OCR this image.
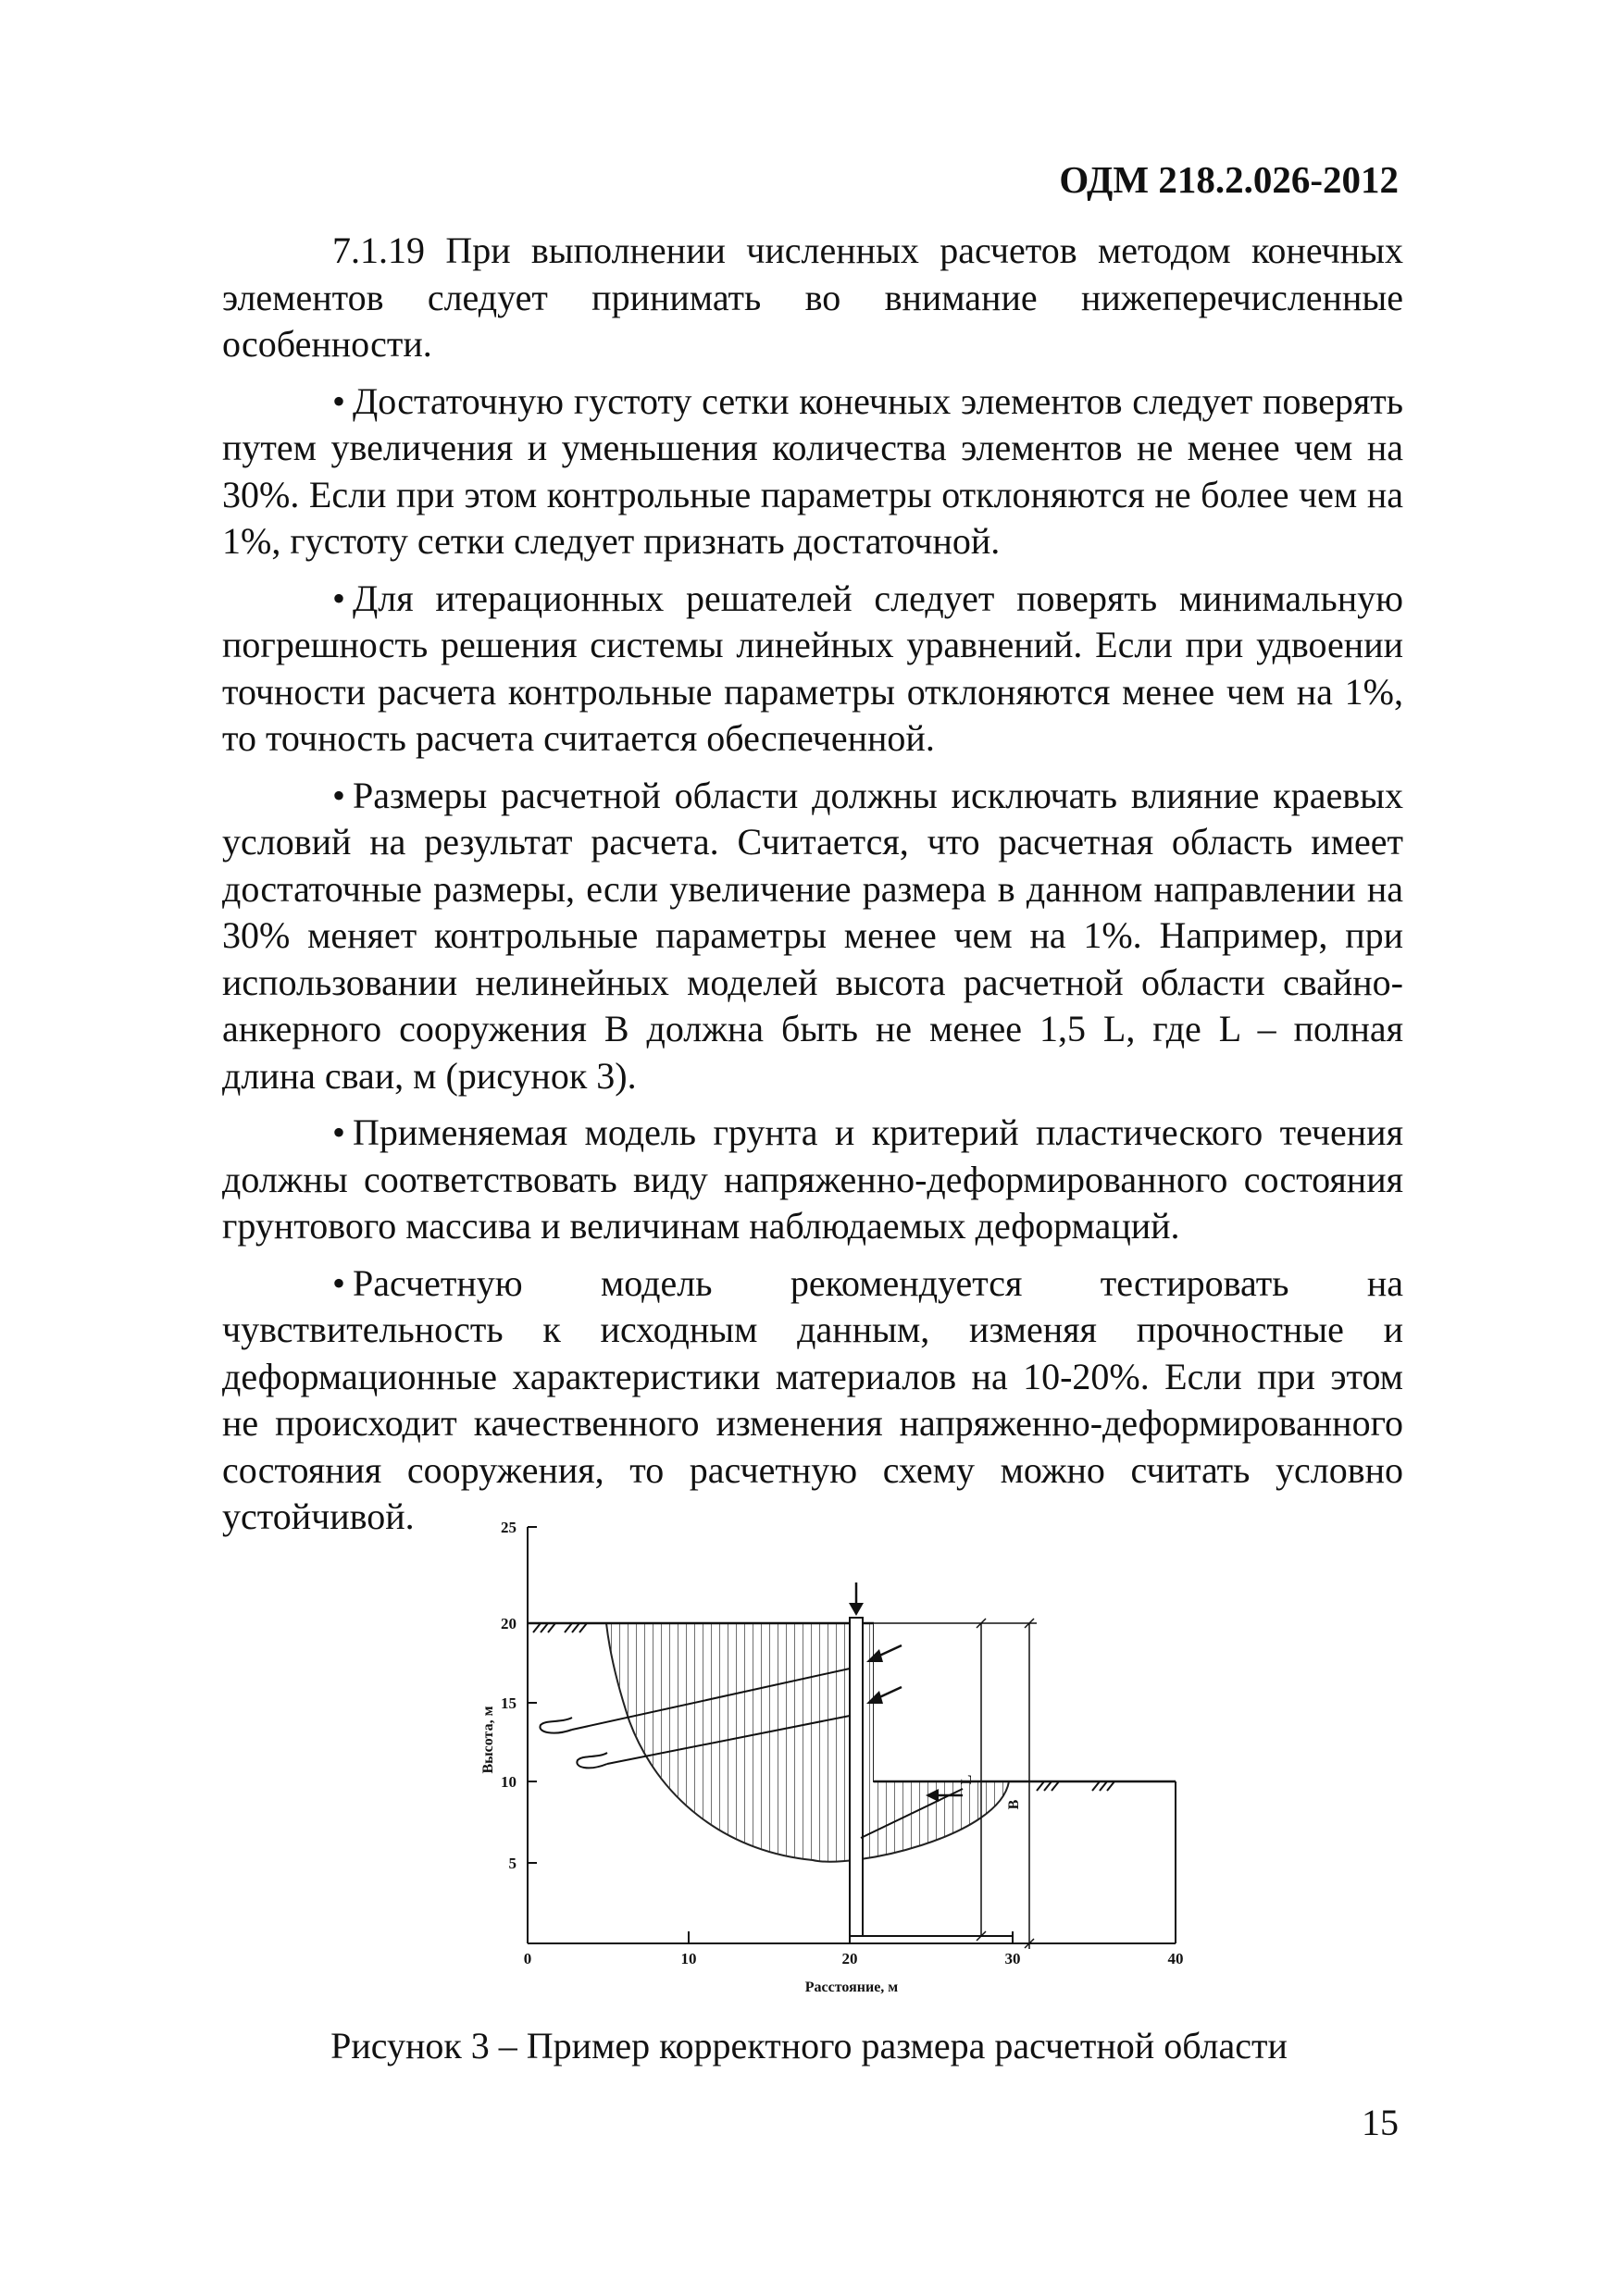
ОДМ 218.2.026-2012

7.1.19 При выполнении численных расчетов методом конечных элементов следует принимать во внимание нижеперечисленные особенности.

• Достаточную густоту сетки конечных элементов следует поверять путем увеличения и уменьшения количества элементов не менее чем на 30%. Если при этом контрольные параметры отклоняются не более чем на 1%, густоту сетки следует признать достаточной.

• Для итерационных решателей следует поверять минимальную погрешность решения системы линейных уравнений. Если при удвоении точности расчета контрольные параметры отклоняются менее чем на 1%, то точность расчета считается обеспеченной.

• Размеры расчетной области должны исключать влияние краевых условий на результат расчета. Считается, что расчетная область имеет достаточные размеры, если увеличение размера в данном направлении на 30% меняет контрольные параметры менее чем на 1%. Например, при использовании нелинейных моделей высота расчетной области свайно-анкерного сооружения В должна быть не менее 1,5 L, где L – полная длина сваи, м (рисунок 3).

• Применяемая модель грунта и критерий пластического течения должны соответствовать виду напряженно-деформированного состояния грунтового массива и величинам наблюдаемых деформаций.

• Расчетную модель рекомендуется тестировать на чувствительность к исходным данным, изменяя прочностные и деформационные характеристики материалов на 10-20%. Если при этом не происходит качественного изменения напряженно-деформированного состояния сооружения, то расчетную схему можно считать условно устойчивой.	25
20
15
10
5
0	10	20	30	40
Расстояние, м
Высота, м
L
B

Рисунок 3 – Пример корректного размера расчетной области

15
